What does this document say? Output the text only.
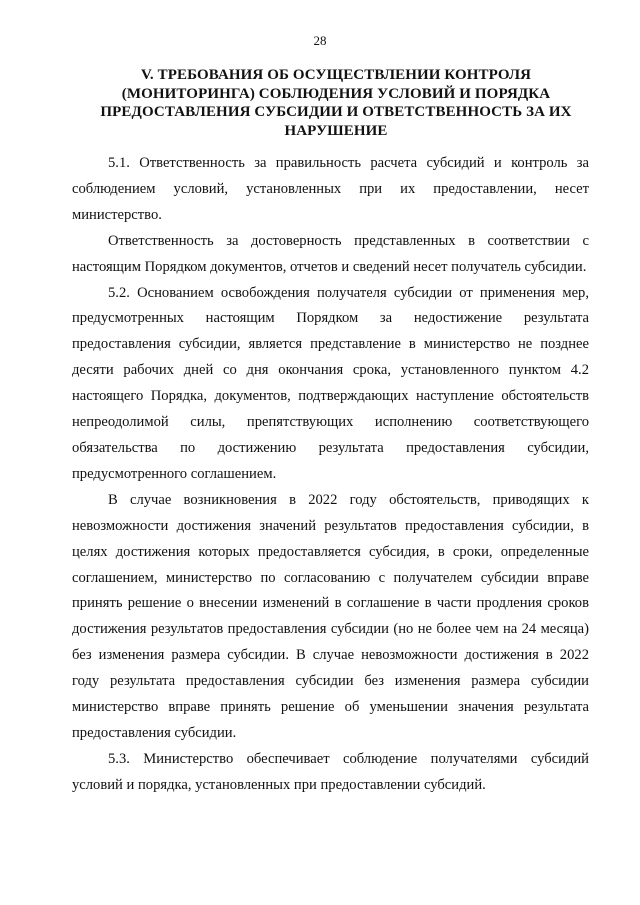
28
V. ТРЕБОВАНИЯ ОБ ОСУЩЕСТВЛЕНИИ КОНТРОЛЯ (МОНИТОРИНГА) СОБЛЮДЕНИЯ УСЛОВИЙ И ПОРЯДКА ПРЕДОСТАВЛЕНИЯ СУБСИДИИ И ОТВЕТСТВЕННОСТЬ ЗА ИХ НАРУШЕНИЕ

5.1. Ответственность за правильность расчета субсидий и контроль за соблюдением условий, установленных при их предоставлении, несет министерство.

Ответственность за достоверность представленных в соответствии с настоящим Порядком документов, отчетов и сведений несет получатель субсидии.

5.2. Основанием освобождения получателя субсидии от применения мер, предусмотренных настоящим Порядком за недостижение результата предоставления субсидии, является представление в министерство не позднее десяти рабочих дней со дня окончания срока, установленного пунктом 4.2 настоящего Порядка, документов, подтверждающих наступление обстоятельств непреодолимой силы, препятствующих исполнению соответствующего обязательства по достижению результата предоставления субсидии, предусмотренного соглашением.

В случае возникновения в 2022 году обстоятельств, приводящих к невозможности достижения значений результатов предоставления субсидии, в целях достижения которых предоставляется субсидия, в сроки, определенные соглашением, министерство по согласованию с получателем субсидии вправе принять решение о внесении изменений в соглашение в части продления сроков достижения результатов предоставления субсидии (но не более чем на 24 месяца) без изменения размера субсидии. В случае невозможности достижения в 2022 году результата предоставления субсидии без изменения размера субсидии министерство вправе принять решение об уменьшении значения результата предоставления субсидии.

5.3. Министерство обеспечивает соблюдение получателями субсидий условий и порядка, установленных при предоставлении субсидий.
